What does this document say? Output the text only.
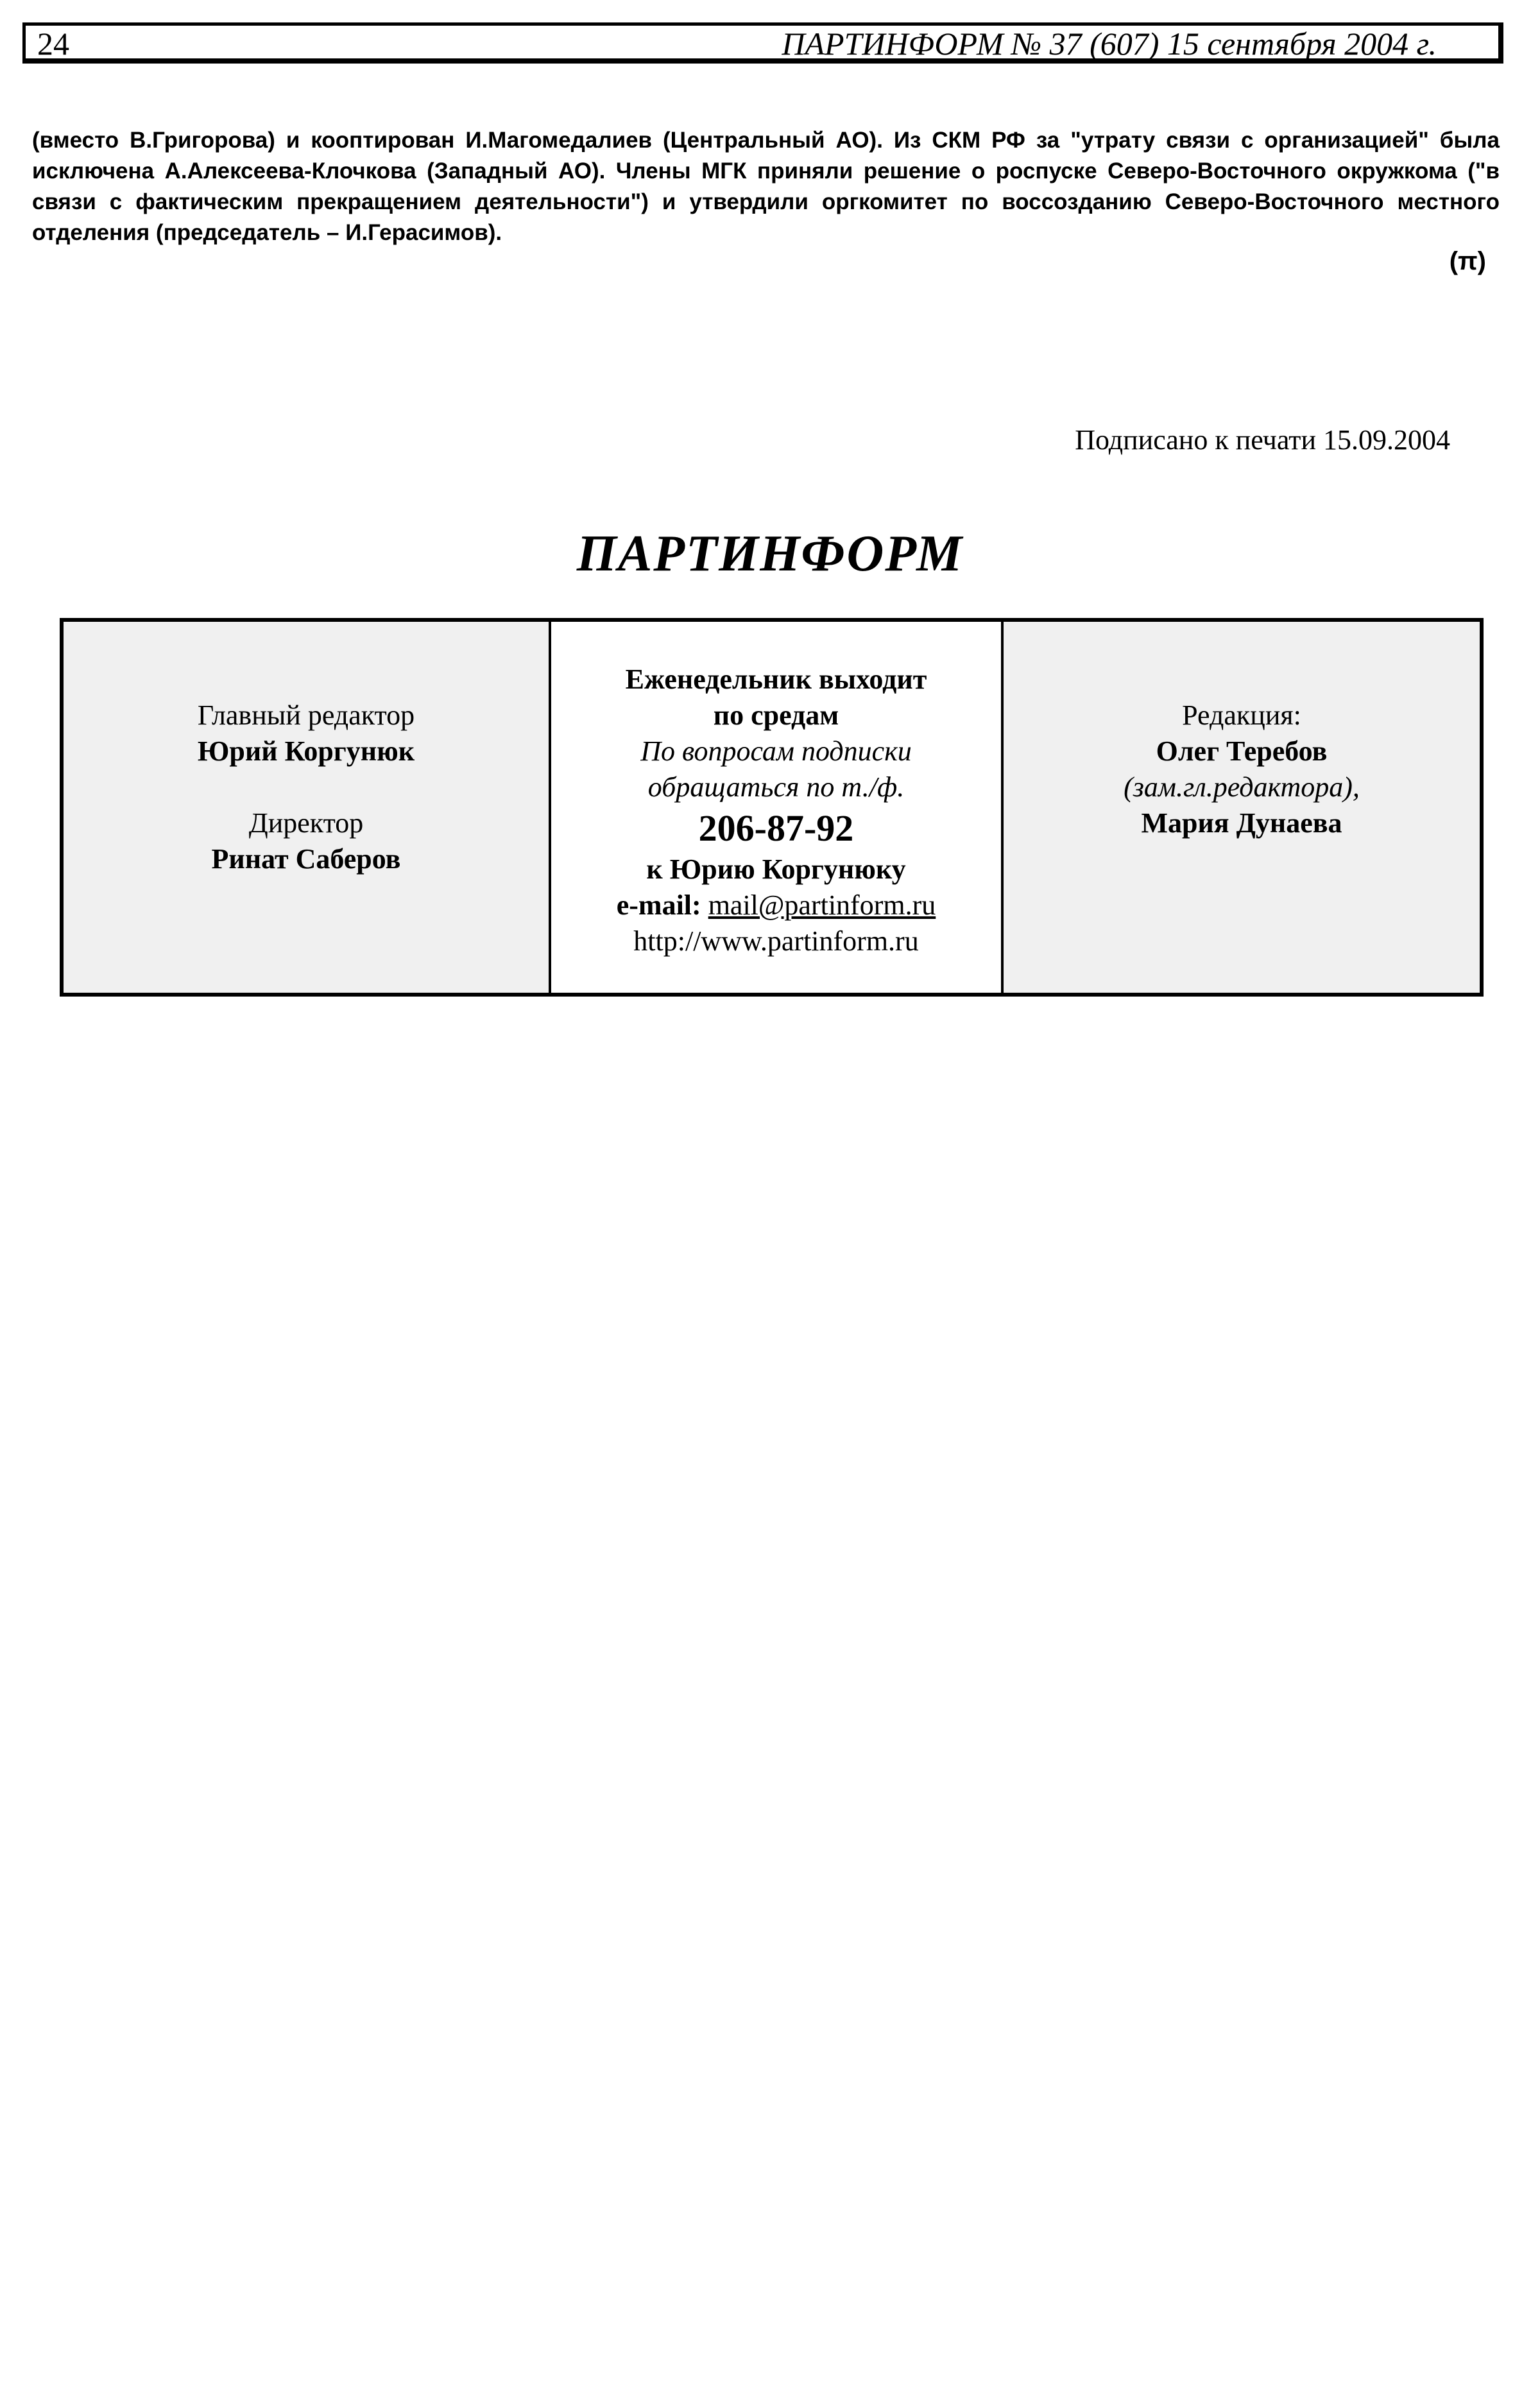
24	ПАРТИНФОРМ № 37 (607) 15 сентября 2004 г.

(вместо В.Григорова) и кооптирован И.Магомедалиев (Центральный АО). Из СКМ РФ за "утрату связи с организацией" была исключена А.Алексеева-Клочкова (Западный АО). Члены МГК приняли решение о роспуске Северо-Восточного окружкома ("в связи с фактическим прекращением деятельности") и утвердили оргкомитет по воссозданию Северо-Восточного местного отделения (председатель – И.Герасимов).

(π)
Подписано к печати 15.09.2004
ПАРТИНФОРМ
Главный редактор
Юрий Коргунюк
Директор
Ринат Саберов
Еженедельник выходит
по средам
По вопросам подписки
обращаться по т./ф.
206-87-92
к Юрию Коргунюку
e-mail: mail@partinform.ru
http://www.partinform.ru
Редакция:
Олег Теребов
(зам.гл.редактора),
Мария Дунаева
